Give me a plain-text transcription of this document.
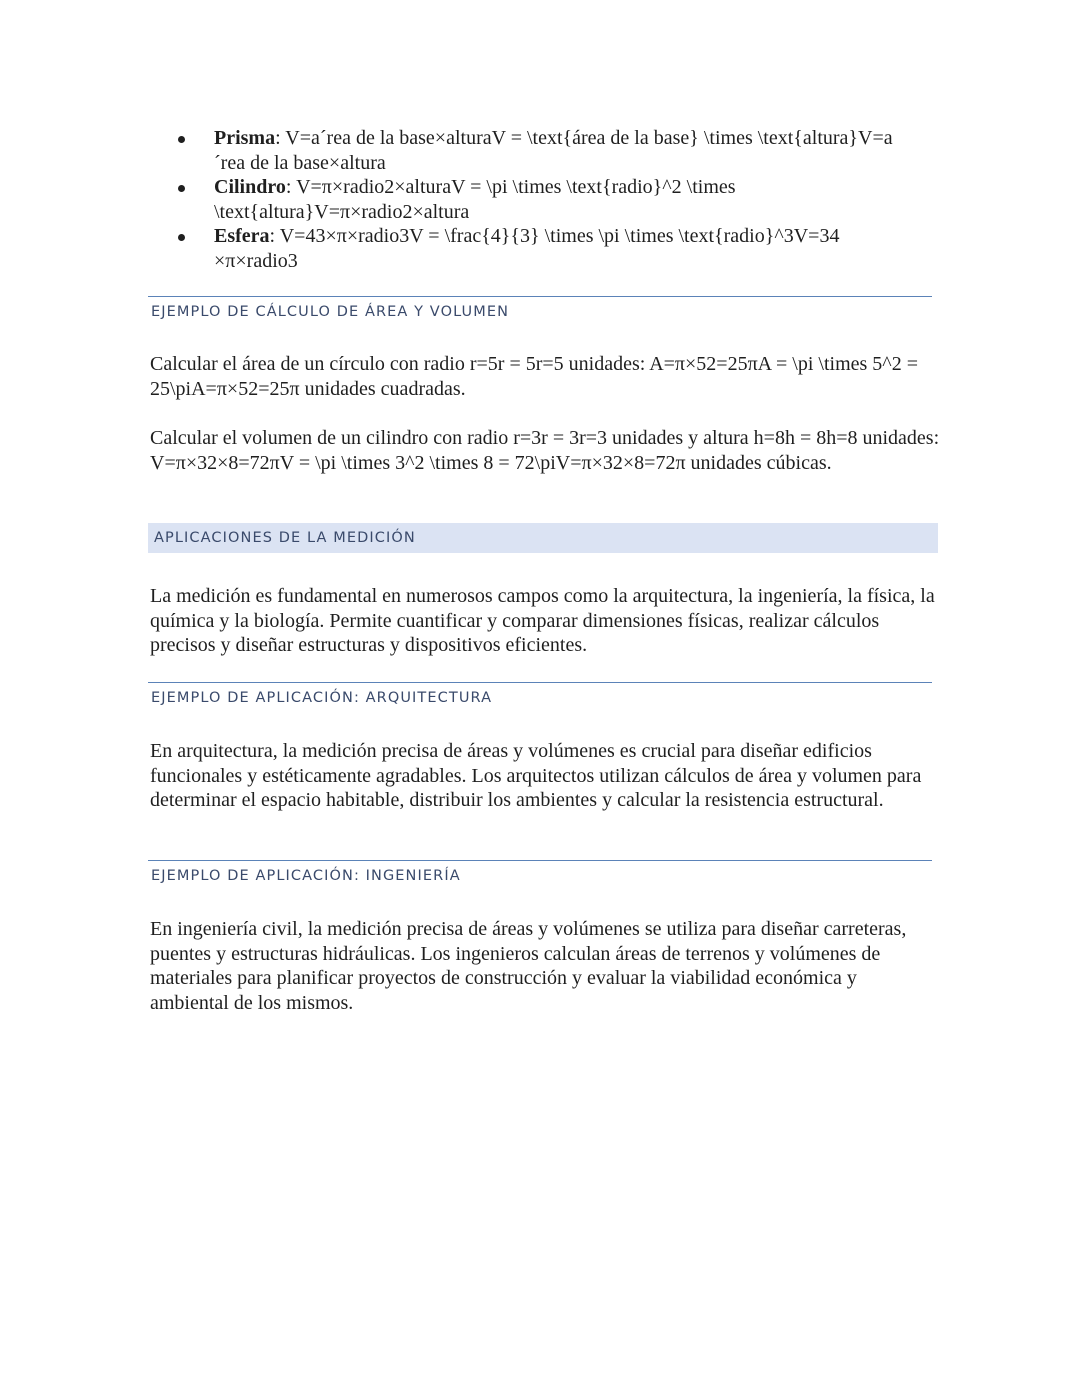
Prisma: V=a´rea de la base×alturaV = \text{área de la base} \times \text{altura}V=a´rea de la base×altura
Cilindro: V=π×radio2×alturaV = \pi \times \text{radio}^2 \times \text{altura}V=π×radio2×altura
Esfera: V=43×π×radio3V = \frac{4}{3} \times \pi \times \text{radio}^3V=34 ×π×radio3
EJEMPLO DE CÁLCULO DE ÁREA Y VOLUMEN

Calcular el área de un círculo con radio r=5r = 5r=5 unidades: A=π×52=25πA = \pi \times 5^2 = 25\piA=π×52=25π unidades cuadradas.

Calcular el volumen de un cilindro con radio r=3r = 3r=3 unidades y altura h=8h = 8h=8 unidades: V=π×32×8=72πV = \pi \times 3^2 \times 8 = 72\piV=π×32×8=72π unidades cúbicas.

APLICACIONES DE LA MEDICIÓN

La medición es fundamental en numerosos campos como la arquitectura, la ingeniería, la física, la química y la biología. Permite cuantificar y comparar dimensiones físicas, realizar cálculos precisos y diseñar estructuras y dispositivos eficientes.

EJEMPLO DE APLICACIÓN: ARQUITECTURA

En arquitectura, la medición precisa de áreas y volúmenes es crucial para diseñar edificios funcionales y estéticamente agradables. Los arquitectos utilizan cálculos de área y volumen para determinar el espacio habitable, distribuir los ambientes y calcular la resistencia estructural.

EJEMPLO DE APLICACIÓN: INGENIERÍA

En ingeniería civil, la medición precisa de áreas y volúmenes se utiliza para diseñar carreteras, puentes y estructuras hidráulicas. Los ingenieros calculan áreas de terrenos y volúmenes de materiales para planificar proyectos de construcción y evaluar la viabilidad económica y ambiental de los mismos.
